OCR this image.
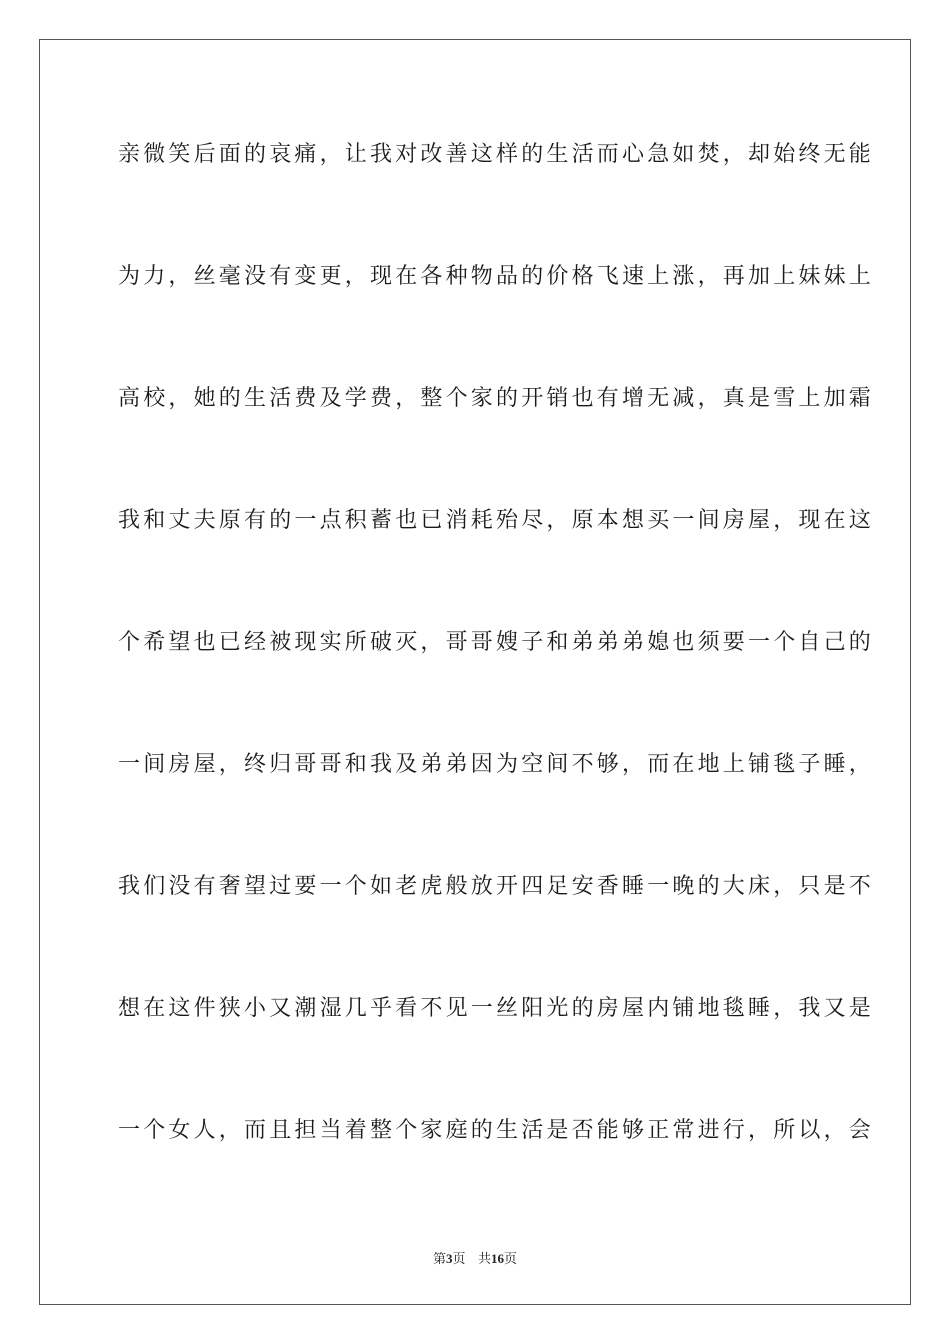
亲微笑后面的哀痛，让我对改善这样的生活而心急如焚，却始终无能
为力，丝毫没有变更，现在各种物品的价格飞速上涨，再加上妹妹上
高校，她的生活费及学费，整个家的开销也有增无减，真是雪上加霜
我和丈夫原有的一点积蓄也已消耗殆尽，原本想买一间房屋，现在这
个希望也已经被现实所破灭，哥哥嫂子和弟弟弟媳也须要一个自己的
一间房屋，终归哥哥和我及弟弟因为空间不够，而在地上铺毯子睡，
我们没有奢望过要一个如老虎般放开四足安香睡一晚的大床，只是不
想在这件狭小又潮湿几乎看不见一丝阳光的房屋内铺地毯睡，我又是
一个女人，而且担当着整个家庭的生活是否能够正常进行，所以，会
第3页 共16页
